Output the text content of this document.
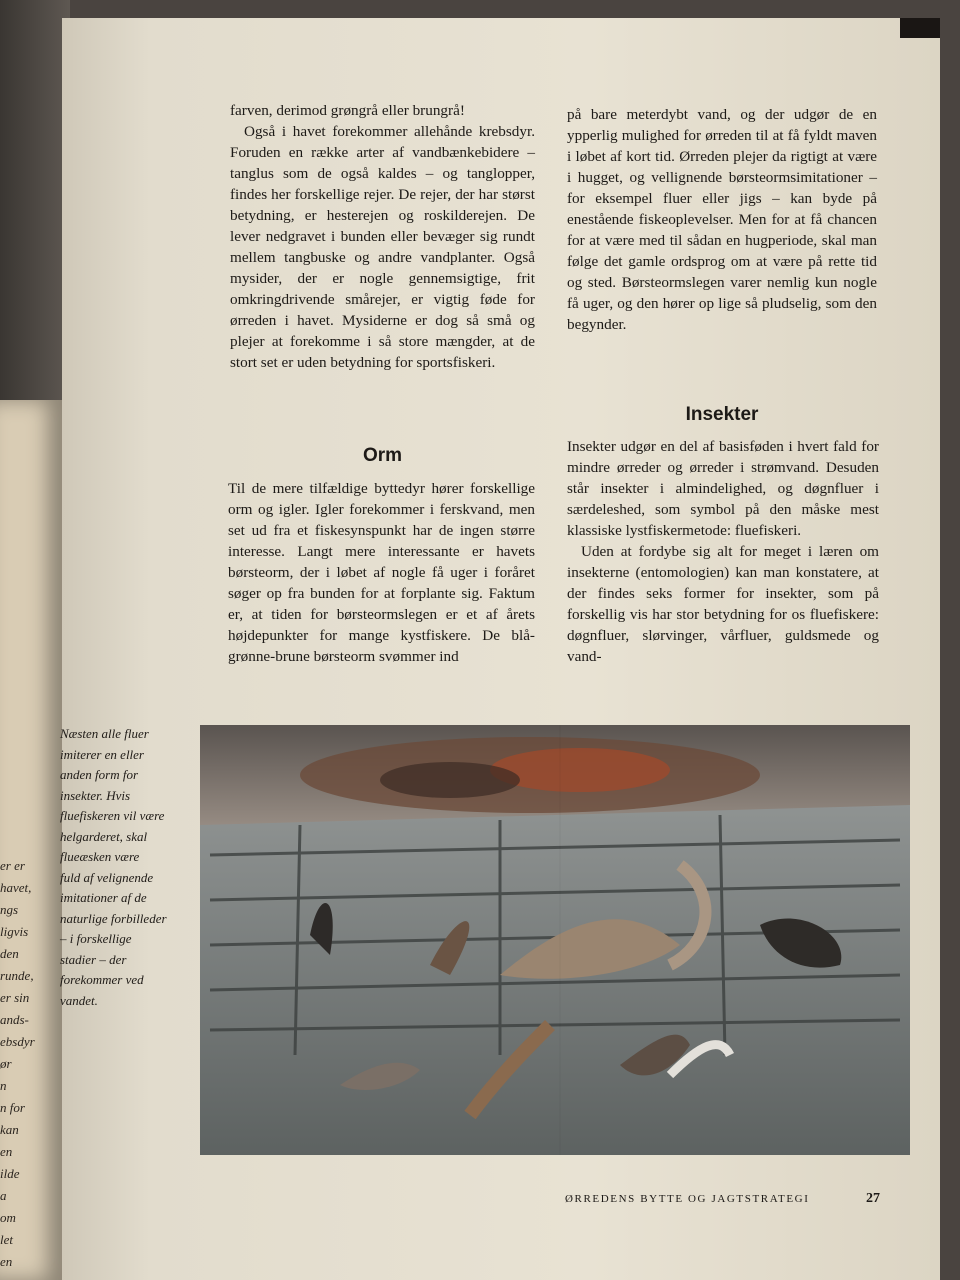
er er
havet,
ngs
ligvis
den
runde,
er sin
ands-
ebsdyr
ør
n
n for
kan
en
ilde
a
om
let
en

farven, derimod grøngrå eller brungrå!

Også i havet forekommer allehånde krebsdyr. Foruden en række arter af vandbænkebidere – tanglus som de også kaldes – og tanglopper, findes her forskellige rejer. De rejer, der har størst betydning, er hesterejen og roskilderejen. De lever nedgravet i bunden eller bevæger sig rundt mellem tangbuske og andre vandplanter. Også mysider, der er nogle gennemsigtige, frit omkringdrivende smårejer, er vigtig føde for ørreden i havet. Mysiderne er dog så små og plejer at forekomme i så store mængder, at de stort set er uden betydning for sportsfiskeri.

Orm

Til de mere tilfældige byttedyr hører forskellige orm og igler. Igler forekommer i ferskvand, men set ud fra et fiskesynspunkt har de ingen større interesse. Langt mere interessante er havets børsteorm, der i løbet af nogle få uger i foråret søger op fra bunden for at forplante sig. Faktum er, at tiden for børsteormslegen er et af årets højdepunkter for mange kystfiskere. De blå-grønne-brune børsteorm svømmer ind

på bare meterdybt vand, og der udgør de en ypperlig mulighed for ørreden til at få fyldt maven i løbet af kort tid. Ørreden plejer da rigtigt at være i hugget, og vellignende børsteormsimitationer – for eksempel fluer eller jigs – kan byde på enestående fiskeoplevelser. Men for at få chancen for at være med til sådan en hugperiode, skal man følge det gamle ordsprog om at være på rette tid og sted. Børsteormslegen varer nemlig kun nogle få uger, og den hører op lige så pludselig, som den begynder.

Insekter

Insekter udgør en del af basisføden i hvert fald for mindre ørreder og ørreder i strømvand. Desuden står insekter i almindelighed, og døgnfluer i særdeleshed, som symbol på den måske mest klassiske lystfiskermetode: fluefiskeri.

Uden at fordybe sig alt for meget i læren om insekterne (entomologien) kan man konstatere, at der findes seks former for insekter, som på forskellig vis har stor betydning for os fluefiskere: døgnfluer, slørvinger, vårfluer, guldsmede og vand-

Næsten alle fluer

imiterer en eller

anden form for

insekter. Hvis

fluefiskeren vil være

helgarderet, skal

flueæsken være

fuld af velignende

imitationer af de

naturlige forbilleder

– i forskellige

stadier – der

forekommer ved

vandet.

ØRREDENS BYTTE OG JAGTSTRATEGI	27
